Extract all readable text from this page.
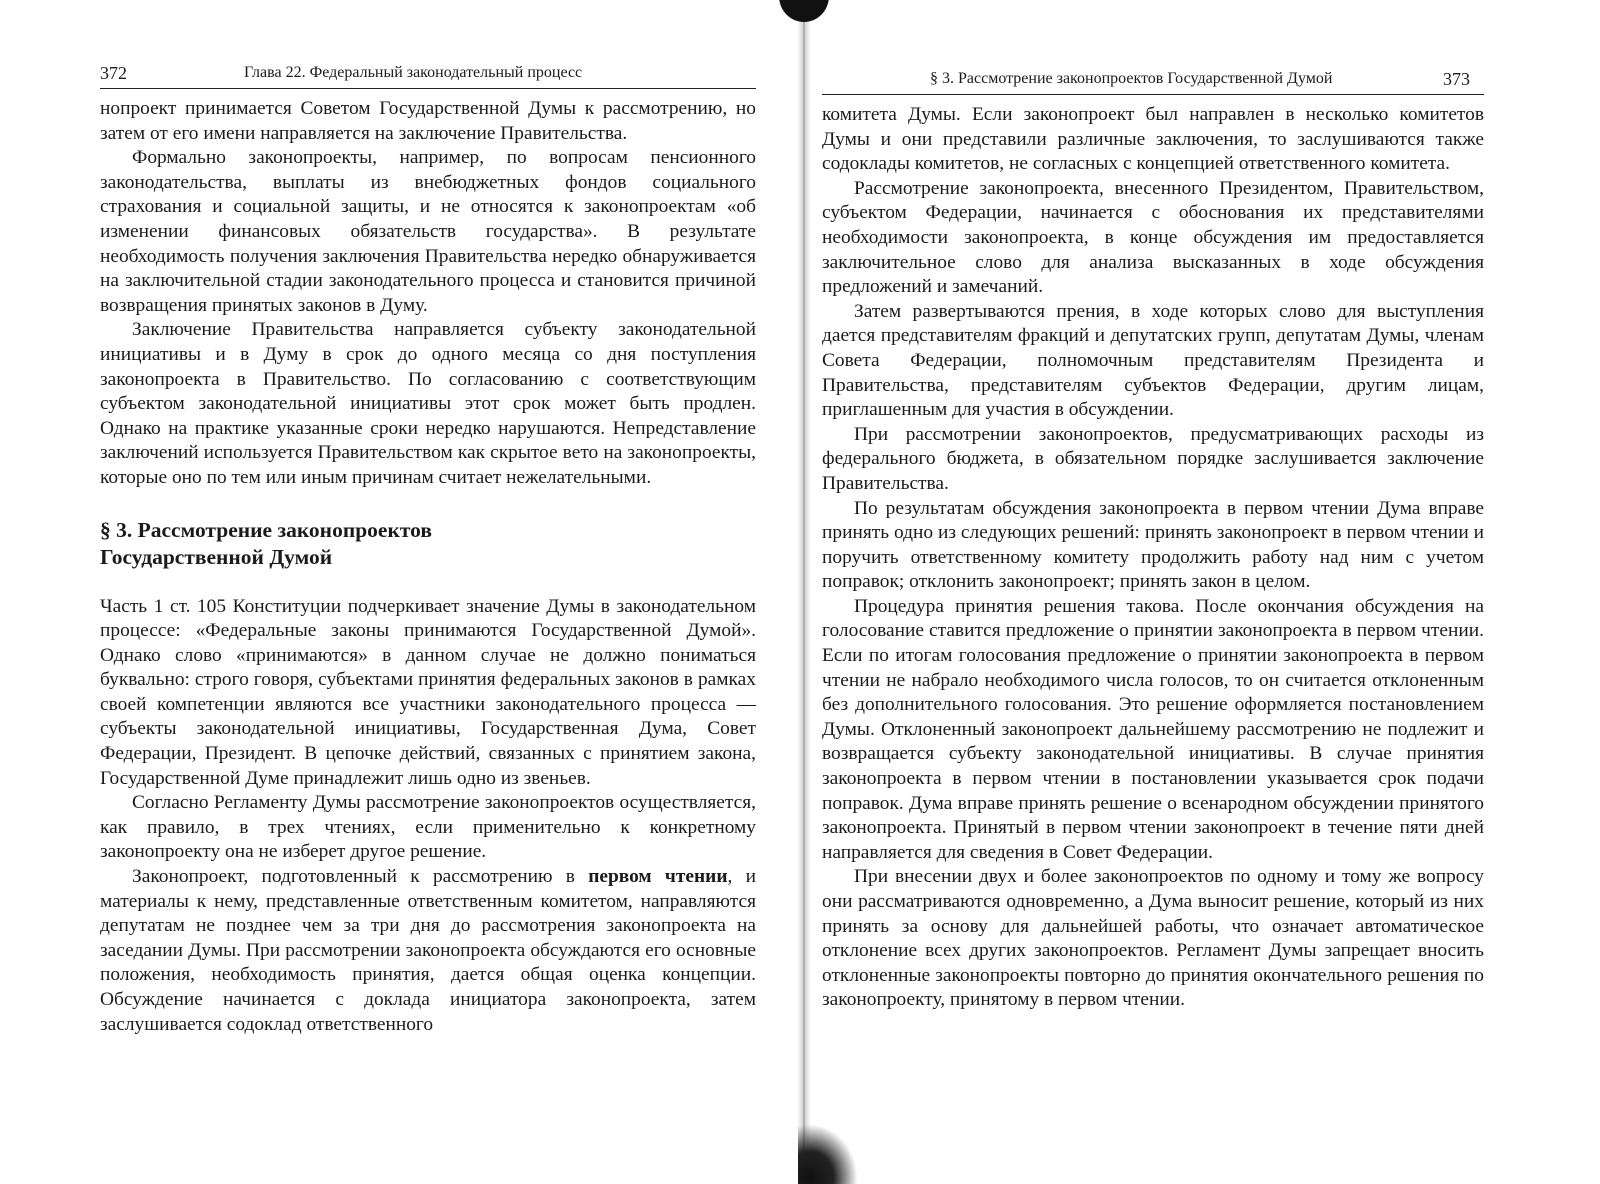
372	Глава 22. Федеральный законодательный процесс

нопроект принимается Советом Государственной Думы к рассмотрению, но затем от его имени направляется на заключение Правительства.

Формально законопроекты, например, по вопросам пенсионного законодательства, выплаты из внебюджетных фондов социального страхования и социальной защиты, и не относятся к законопроектам «об изменении финансовых обязательств государства». В результате необходимость получения заключения Правительства нередко обнаруживается на заключительной стадии законодательного процесса и становится причиной возвращения принятых законов в Думу.

Заключение Правительства направляется субъекту законодательной инициативы и в Думу в срок до одного месяца со дня поступления законопроекта в Правительство. По согласованию с соответствующим субъектом законодательной инициативы этот срок может быть продлен. Однако на практике указанные сроки нередко нарушаются. Непредставление заключений используется Правительством как скрытое вето на законопроекты, которые оно по тем или иным причинам считает нежелательными.

§ 3. Рассмотрение законопроектов
Государственной Думой

Часть 1 ст. 105 Конституции подчеркивает значение Думы в законодательном процессе: «Федеральные законы принимаются Государственной Думой». Однако слово «принимаются» в данном случае не должно пониматься буквально: строго говоря, субъектами принятия федеральных законов в рамках своей компетенции являются все участники законодательного процесса — субъекты законодательной инициативы, Государственная Дума, Совет Федерации, Президент. В цепочке действий, связанных с принятием закона, Государственной Думе принадлежит лишь одно из звеньев.

Согласно Регламенту Думы рассмотрение законопроектов осуществляется, как правило, в трех чтениях, если применительно к конкретному законопроекту она не изберет другое решение.

Законопроект, подготовленный к рассмотрению в первом чтении, и материалы к нему, представленные ответственным комитетом, направляются депутатам не позднее чем за три дня до рассмотрения законопроекта на заседании Думы. При рассмотрении законопроекта обсуждаются его основные положения, необходимость принятия, дается общая оценка концепции. Обсуждение начинается с доклада инициатора законопроекта, затем заслушивается содоклад ответственного

§ 3. Рассмотрение законопроектов Государственной Думой	373

комитета Думы. Если законопроект был направлен в несколько комитетов Думы и они представили различные заключения, то заслушиваются также содоклады комитетов, не согласных с концепцией ответственного комитета.

Рассмотрение законопроекта, внесенного Президентом, Правительством, субъектом Федерации, начинается с обоснования их представителями необходимости законопроекта, в конце обсуждения им предоставляется заключительное слово для анализа высказанных в ходе обсуждения предложений и замечаний.

Затем развертываются прения, в ходе которых слово для выступления дается представителям фракций и депутатских групп, депутатам Думы, членам Совета Федерации, полномочным представителям Президента и Правительства, представителям субъектов Федерации, другим лицам, приглашенным для участия в обсуждении.

При рассмотрении законопроектов, предусматривающих расходы из федерального бюджета, в обязательном порядке заслушивается заключение Правительства.

По результатам обсуждения законопроекта в первом чтении Дума вправе принять одно из следующих решений: принять законопроект в первом чтении и поручить ответственному комитету продолжить работу над ним с учетом поправок; отклонить законопроект; принять закон в целом.

Процедура принятия решения такова. После окончания обсуждения на голосование ставится предложение о принятии законопроекта в первом чтении. Если по итогам голосования предложение о принятии законопроекта в первом чтении не набрало необходимого числа голосов, то он считается отклоненным без дополнительного голосования. Это решение оформляется постановлением Думы. Отклоненный законопроект дальнейшему рассмотрению не подлежит и возвращается субъекту законодательной инициативы. В случае принятия законопроекта в первом чтении в постановлении указывается срок подачи поправок. Дума вправе принять решение о всенародном обсуждении принятого законопроекта. Принятый в первом чтении законопроект в течение пяти дней направляется для сведения в Совет Федерации.

При внесении двух и более законопроектов по одному и тому же вопросу они рассматриваются одновременно, а Дума выносит решение, который из них принять за основу для дальнейшей работы, что означает автоматическое отклонение всех других законопроектов. Регламент Думы запрещает вносить отклоненные законопроекты повторно до принятия окончательного решения по законопроекту, принятому в первом чтении.
